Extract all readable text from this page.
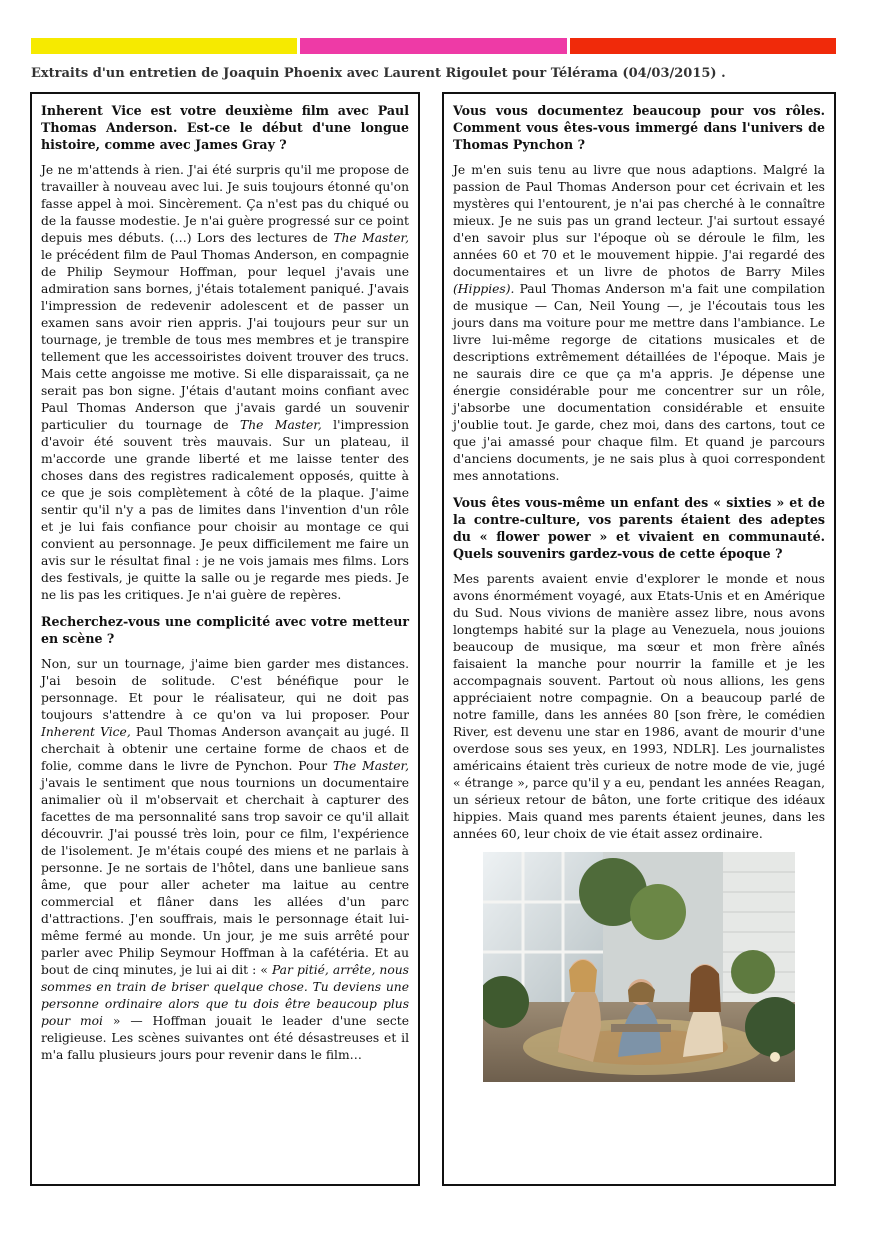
Extraits d'un entretien de Joaquin Phoenix avec Laurent Rigoulet pour Télérama (04/03/2015) .

Inherent Vice est votre deuxième film avec Paul Thomas Anderson. Est-ce le début d'une longue histoire, comme avec James Gray ?

Je ne m'attends à rien. J'ai été surpris qu'il me propose de travailler à nouveau avec lui. Je suis toujours étonné qu'on fasse appel à moi. Sincèrement. Ça n'est pas du chiqué ou de la fausse modestie. Je n'ai guère progressé sur ce point depuis mes débuts. (…) Lors des lectures de The Master, le précédent film de Paul Thomas Anderson, en compagnie de Philip Seymour Hoffman, pour lequel j'avais une admiration sans bornes, j'étais totalement paniqué. J'avais l'impression de redevenir adolescent et de passer un examen sans avoir rien appris. J'ai toujours peur sur un tournage, je tremble de tous mes membres et je transpire tellement que les accessoiristes doivent trouver des trucs. Mais cette angoisse me motive. Si elle disparaissait, ça ne serait pas bon signe. J'étais d'autant moins confiant avec Paul Thomas Anderson que j'avais gardé un souvenir particulier du tournage de The Master, l'impression d'avoir été souvent très mauvais. Sur un plateau, il m'accorde une grande liberté et me laisse tenter des choses dans des registres radicalement opposés, quitte à ce que je sois complètement à côté de la plaque. J'aime sentir qu'il n'y a pas de limites dans l'invention d'un rôle et je lui fais confiance pour choisir au montage ce qui convient au personnage. Je peux difficilement me faire un avis sur le résultat final : je ne vois jamais mes films. Lors des festivals, je quitte la salle ou je regarde mes pieds. Je ne lis pas les critiques. Je n'ai guère de repères.

Recherchez-vous une complicité avec votre metteur en scène ?

Non, sur un tournage, j'aime bien garder mes distances. J'ai besoin de solitude. C'est bénéfique pour le personnage. Et pour le réalisateur, qui ne doit pas toujours s'attendre à ce qu'on va lui proposer. Pour Inherent Vice, Paul Thomas Anderson avançait au jugé. Il cherchait à obtenir une certaine forme de chaos et de folie, comme dans le livre de Pynchon. Pour The Master, j'avais le sentiment que nous tournions un documentaire animalier où il m'observait et cherchait à capturer des facettes de ma personnalité sans trop savoir ce qu'il allait découvrir. J'ai poussé très loin, pour ce film, l'expérience de l'isolement. Je m'étais coupé des miens et ne parlais à personne. Je ne sortais de l'hôtel, dans une banlieue sans âme, que pour aller acheter ma laitue au centre commercial et flâner dans les allées d'un parc d'attractions. J'en souffrais, mais le personnage était lui-même fermé au monde. Un jour, je me suis arrêté pour parler avec Philip Seymour Hoffman à la cafétéria. Et au bout de cinq minutes, je lui ai dit : « Par pitié, arrête, nous sommes en train de briser quelque chose. Tu deviens une personne ordinaire alors que tu dois être beaucoup plus pour moi » — Hoffman jouait le leader d'une secte religieuse. Les scènes suivantes ont été désastreuses et il m'a fallu plusieurs jours pour revenir dans le film…

Vous vous documentez beaucoup pour vos rôles. Comment vous êtes-vous immergé dans l'univers de Thomas Pynchon ?

Je m'en suis tenu au livre que nous adaptions. Malgré la passion de Paul Thomas Anderson pour cet écrivain et les mystères qui l'entourent, je n'ai pas cherché à le connaître mieux. Je ne suis pas un grand lecteur. J'ai surtout essayé d'en savoir plus sur l'époque où se déroule le film, les années 60 et 70 et le mouvement hippie. J'ai regardé des documentaires et un livre de photos de Barry Miles (Hippies). Paul Thomas Anderson m'a fait une compilation de musique — Can, Neil Young —, je l'écoutais tous les jours dans ma voiture pour me mettre dans l'ambiance. Le livre lui-même regorge de citations musicales et de descriptions extrêmement détaillées de l'époque. Mais je ne saurais dire ce que ça m'a appris. Je dépense une énergie considérable pour me concentrer sur un rôle, j'absorbe une documentation considérable et ensuite j'oublie tout. Je garde, chez moi, dans des cartons, tout ce que j'ai amassé pour chaque film. Et quand je parcours d'anciens documents, je ne sais plus à quoi correspondent mes annotations.

Vous êtes vous-même un enfant des « sixties » et de la contre-culture, vos parents étaient des adeptes du « flower power » et vivaient en communauté. Quels souvenirs gardez-vous de cette époque ?

Mes parents avaient envie d'explorer le monde et nous avons énormément voyagé, aux Etats-Unis et en Amérique du Sud. Nous vivions de manière assez libre, nous avons longtemps habité sur la plage au Venezuela, nous jouions beaucoup de musique, ma sœur et mon frère aînés faisaient la manche pour nourrir la famille et je les accompagnais souvent. Partout où nous allions, les gens appréciaient notre compagnie. On a beaucoup parlé de notre famille, dans les années 80 [son frère, le comédien River, est devenu une star en 1986, avant de mourir d'une overdose sous ses yeux, en 1993, NDLR]. Les journalistes américains étaient très curieux de notre mode de vie, jugé « étrange », parce qu'il y a eu, pendant les années Reagan, un sérieux retour de bâton, une forte critique des idéaux hippies. Mais quand mes parents étaient jeunes, dans les années 60, leur choix de vie était assez ordinaire.
